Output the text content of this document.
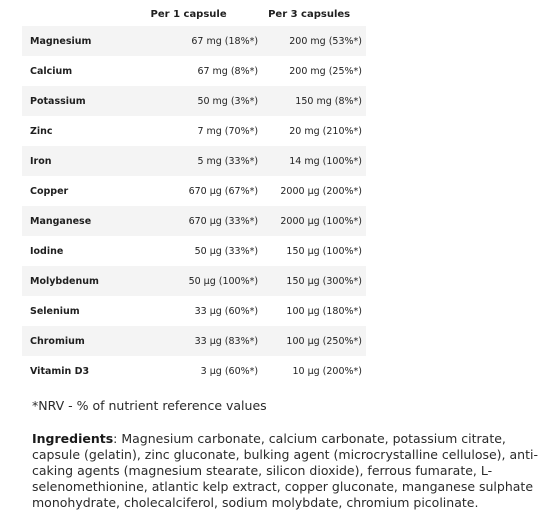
	Per 1 capsule	Per 3 capsules
Magnesium	67 mg (18%*)	200 mg (53%*)
Calcium	67 mg (8%*)	200 mg (25%*)
Potassium	50 mg (3%*)	150 mg (8%*)
Zinc	7 mg (70%*)	20 mg (210%*)
Iron	5 mg (33%*)	14 mg (100%*)
Copper	670 µg (67%*)	2000 µg (200%*)
Manganese	670 µg (33%*)	2000 µg (100%*)
Iodine	50 µg (33%*)	150 µg (100%*)
Molybdenum	50 µg (100%*)	150 µg (300%*)
Selenium	33 µg (60%*)	100 µg (180%*)
Chromium	33 µg (83%*)	100 µg (250%*)
Vitamin D3	3 µg (60%*)	10 µg (200%*)
*NRV - % of nutrient reference values
Ingredients: Magnesium carbonate, calcium carbonate, potassium citrate, capsule (gelatin), zinc gluconate, bulking agent (microcrystalline cellulose), anti-caking agents (magnesium stearate, silicon dioxide), ferrous fumarate, L-selenomethionine, atlantic kelp extract, copper gluconate, manganese sulphate monohydrate, cholecalciferol, sodium molybdate, chromium picolinate.
